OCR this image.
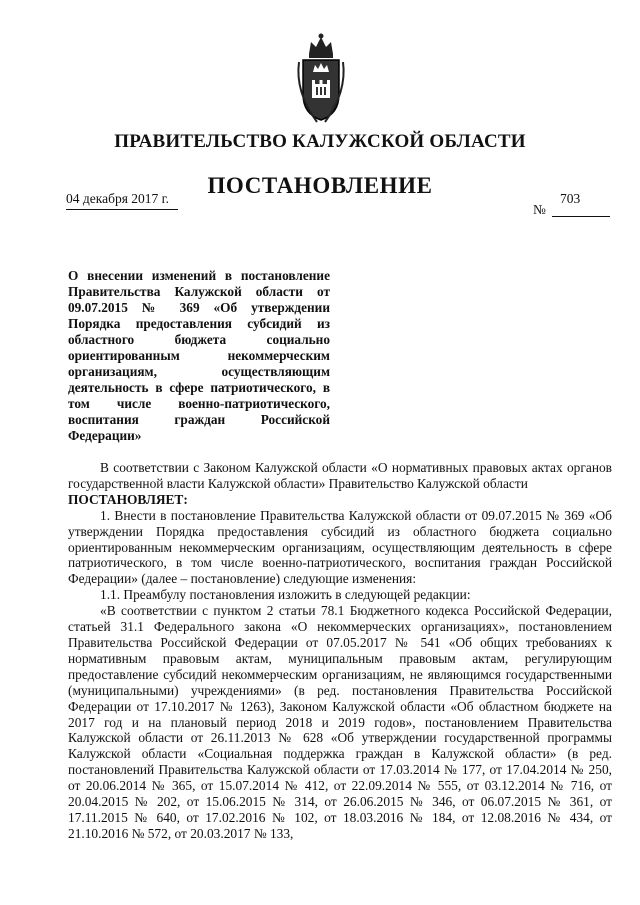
ПРАВИТЕЛЬСТВО КАЛУЖСКОЙ ОБЛАСТИ
ПОСТАНОВЛЕНИЕ
04 декабря 2017 г.	703
№
О внесении изменений в постановление Правительства Калужской области от 09.07.2015 № 369 «Об утверждении Порядка предоставления субсидий из областного бюджета социально ориентированным некоммерческим организациям, осуществляющим деятельность в сфере патриотического, в том числе военно-патриотического, воспитания граждан Российской Федерации»

В соответствии с Законом Калужской области «О нормативных правовых актах органов государственной власти Калужской области» Правительство Калужской области

ПОСТАНОВЛЯЕТ:

1. Внести в постановление Правительства Калужской области от 09.07.2015 № 369 «Об утверждении Порядка предоставления субсидий из областного бюджета социально ориентированным некоммерческим организациям, осуществляющим деятельность в сфере патриотического, в том числе военно-патриотического, воспитания граждан Российской Федерации» (далее – постановление) следующие изменения:

1.1. Преамбулу постановления изложить в следующей редакции:

«В соответствии с пунктом 2 статьи 78.1 Бюджетного кодекса Российской Федерации, статьей 31.1 Федерального закона «О некоммерческих организациях», постановлением Правительства Российской Федерации от 07.05.2017 № 541 «Об общих требованиях к нормативным правовым актам, муниципальным правовым актам, регулирующим предоставление субсидий некоммерческим организациям, не являющимся государственными (муниципальными) учреждениями» (в ред. постановления Правительства Российской Федерации от 17.10.2017 № 1263), Законом Калужской области «Об областном бюджете на 2017 год и на плановый период 2018 и 2019 годов», постановлением Правительства Калужской области от 26.11.2013 № 628 «Об утверждении государственной программы Калужской области «Социальная поддержка граждан в Калужской области» (в ред. постановлений Правительства Калужской области от 17.03.2014 № 177, от 17.04.2014 № 250, от 20.06.2014 № 365, от 15.07.2014 № 412, от 22.09.2014 № 555, от 03.12.2014 № 716, от 20.04.2015 № 202, от 15.06.2015 № 314, от 26.06.2015 № 346, от 06.07.2015 № 361, от 17.11.2015 № 640, от 17.02.2016 № 102, от 18.03.2016 № 184, от 12.08.2016 № 434, от 21.10.2016 № 572, от 20.03.2017 № 133,
